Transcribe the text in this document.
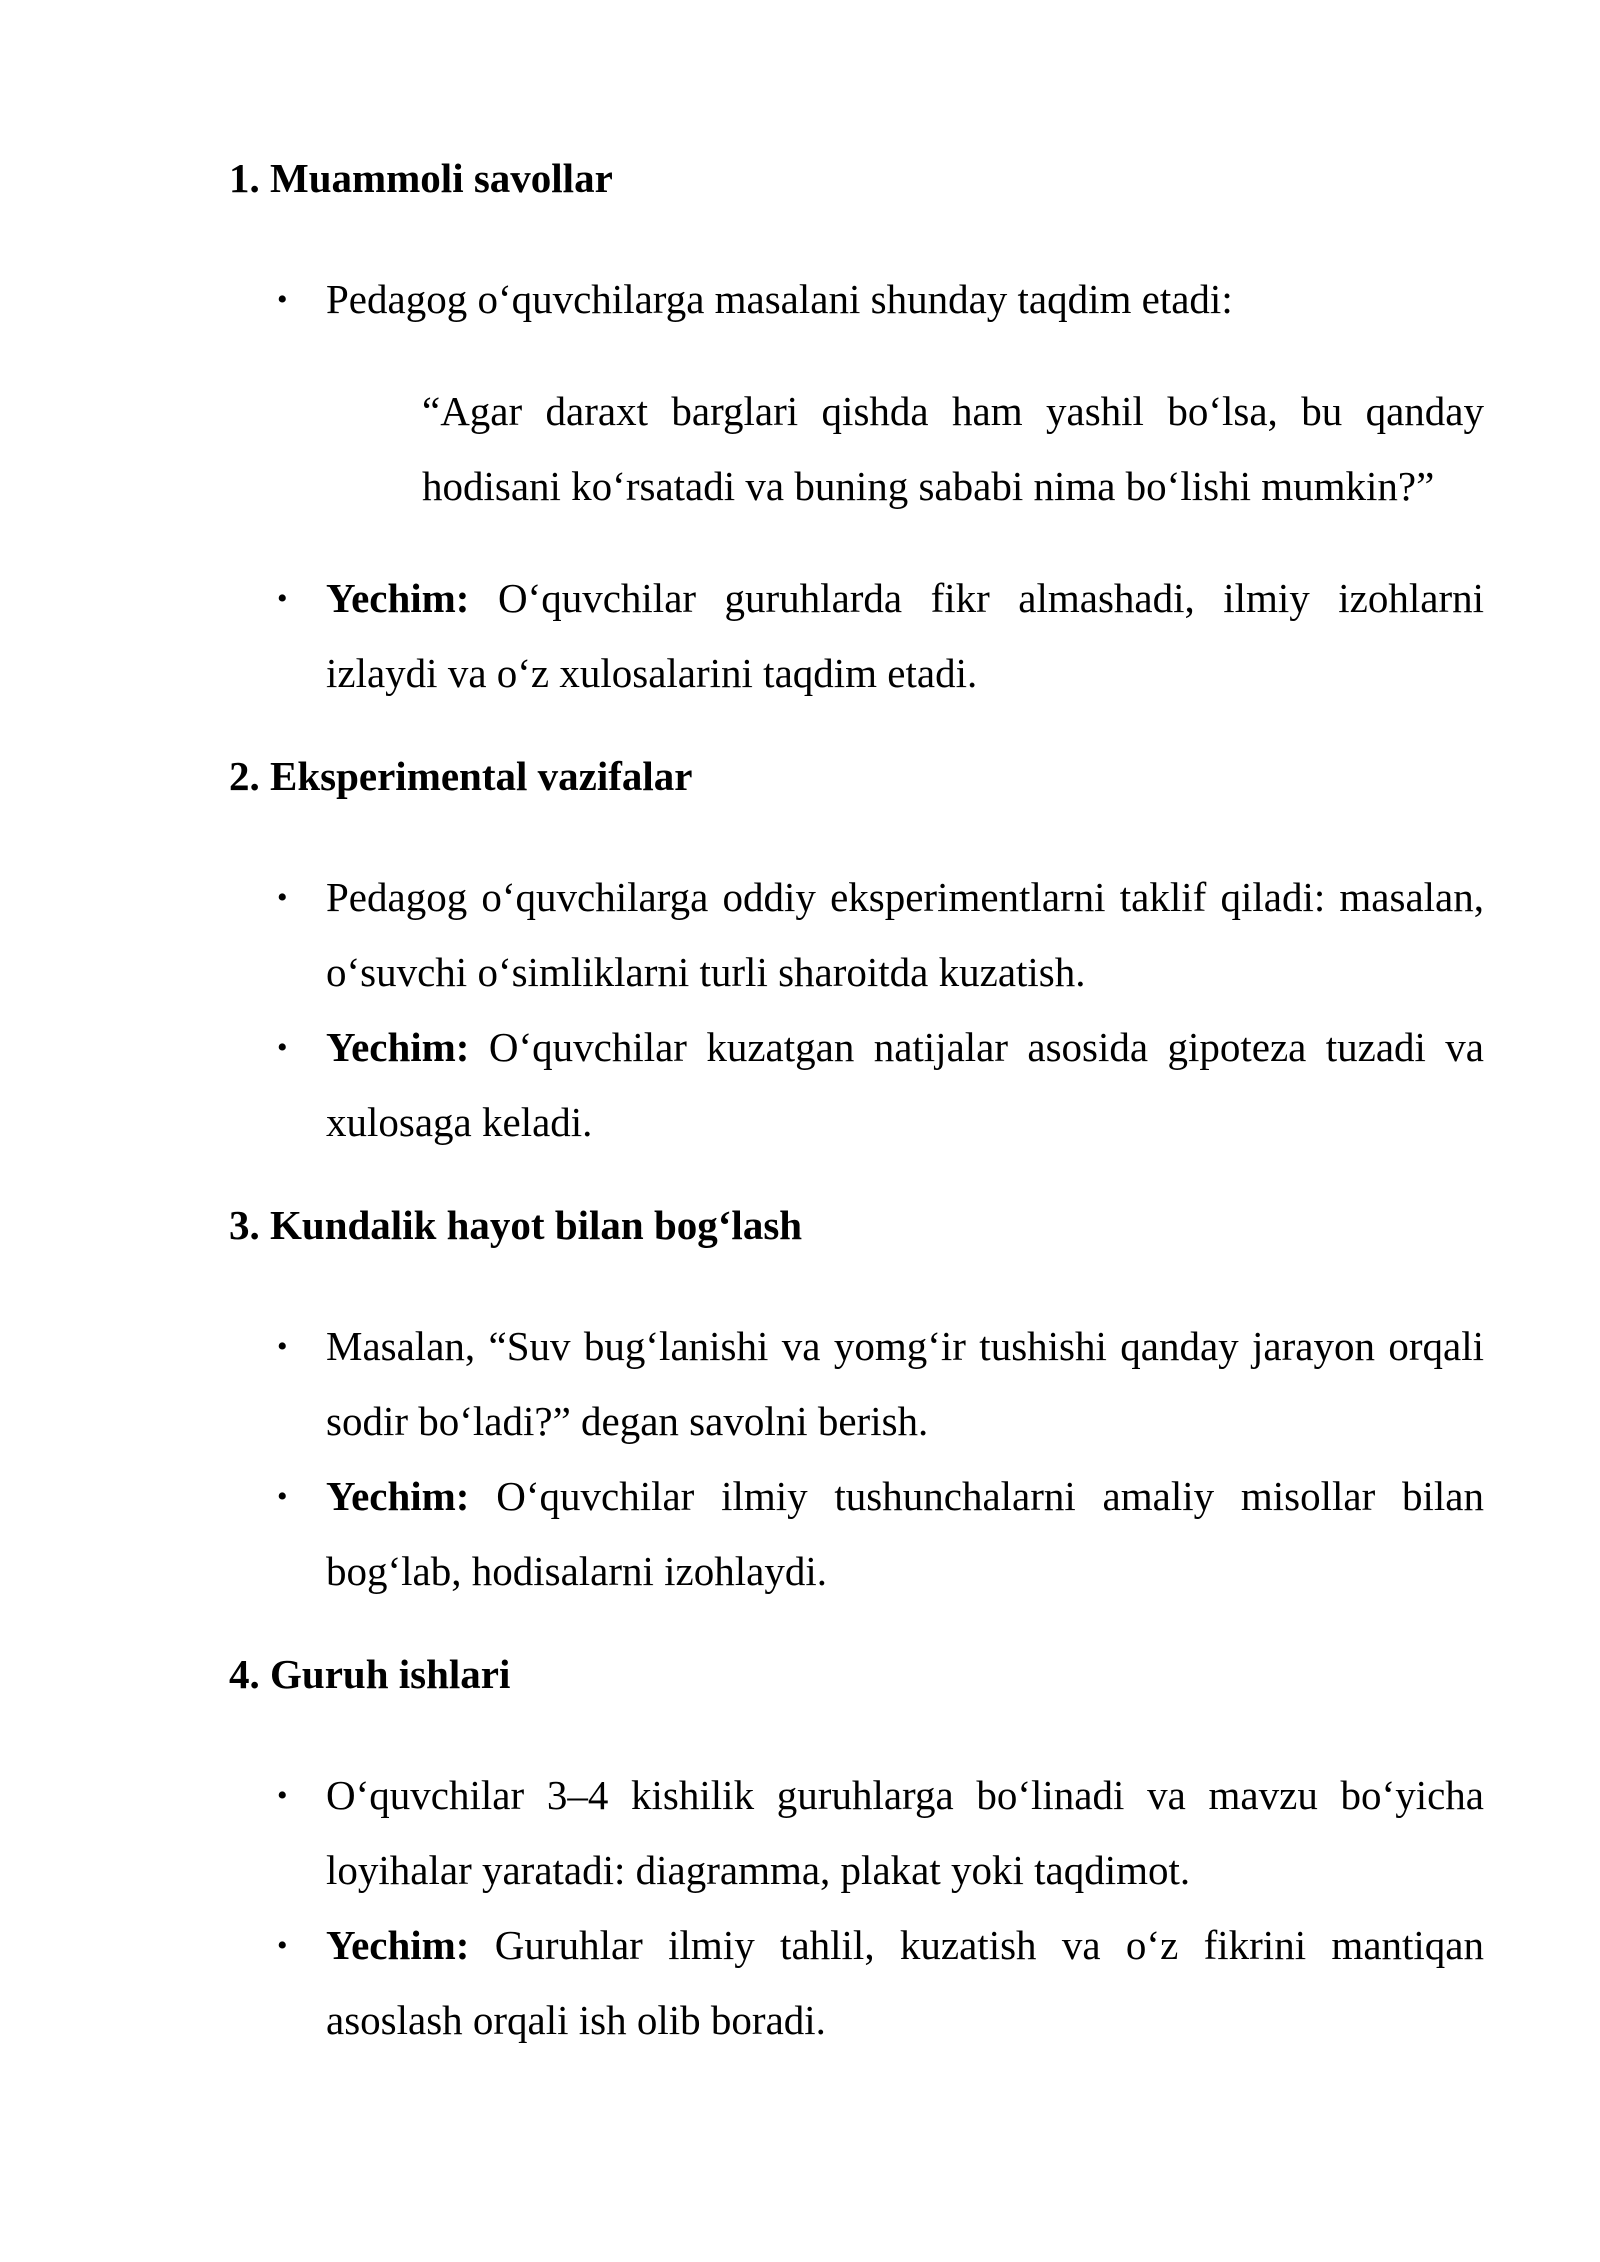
1. Muammoli savollar
• Pedagog o‘quvchilarga masalani shunday taqdim etadi:
“Agar daraxt barglari qishda ham yashil bo‘lsa, bu qanday hodisani ko‘rsatadi va buning sababi nima bo‘lishi mumkin?”
• Yechim: O‘quvchilar guruhlarda fikr almashadi, ilmiy izohlarni izlaydi va o‘z xulosalarini taqdim etadi.
2. Eksperimental vazifalar
• Pedagog o‘quvchilarga oddiy eksperimentlarni taklif qiladi: masalan, o‘suvchi o‘simliklarni turli sharoitda kuzatish.
• Yechim: O‘quvchilar kuzatgan natijalar asosida gipoteza tuzadi va xulosaga keladi.
3. Kundalik hayot bilan bog‘lash
• Masalan, “Suv bug‘lanishi va yomg‘ir tushishi qanday jarayon orqali sodir bo‘ladi?” degan savolni berish.
• Yechim: O‘quvchilar ilmiy tushunchalarni amaliy misollar bilan bog‘lab, hodisalarni izohlaydi.
4. Guruh ishlari
• O‘quvchilar 3–4 kishilik guruhlarga bo‘linadi va mavzu bo‘yicha loyihalar yaratadi: diagramma, plakat yoki taqdimot.
• Yechim: Guruhlar ilmiy tahlil, kuzatish va o‘z fikrini mantiqan asoslash orqali ish olib boradi.
